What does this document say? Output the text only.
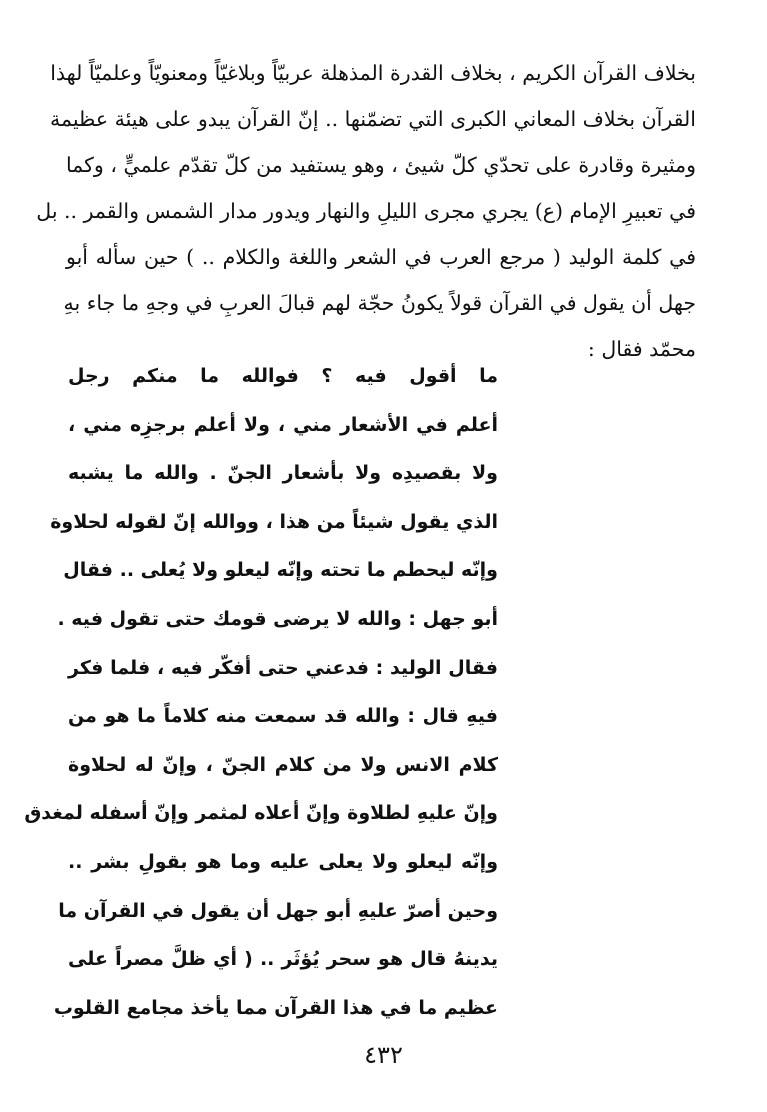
بخلاف القرآن الكريم ، بخلاف القدرة المذهلة عربيّاً وبلاغيّاً ومعنويّاً وعلميّاً لهذا
القرآن بخلاف المعاني الكبرى التي تضمّنها .. إنّ القرآن يبدو على هيئة عظيمة
ومثيرة وقادرة على تحدّي كلّ شيئ ، وهو يستفيد من كلّ تقدّم علميٍّ ، وكما
في تعبيرِ الإمام (ع) يجري مجرى الليلِ والنهار ويدور مدار الشمس والقمر .. بل
في كلمة الوليد ( مرجع العرب في الشعر واللغة والكلام .. ) حين سأله أبو
جهل أن يقول في القرآن قولاً يكونُ حجّة لهم قبالَ العربِ في وجهِ ما جاء بهِ
محمّد فقال :
ما أقول فيه ؟ فوالله ما منكم رجل
أعلم في الأشعار مني ، ولا أعلم برجزِه مني ،
ولا بقصيدِه ولا بأشعار الجنّ . والله ما يشبه
الذي يقول شيئاً من هذا ، ووالله إنّ لقوله لحلاوة
وإنّه ليحطم ما تحته وإنّه ليعلو ولا يُعلى .. فقال
أبو جهل : والله لا يرضى قومك حتى تقول فيه .
فقال الوليد : فدعني حتى أفكّر فيه ، فلما فكر
فيهِ قال : والله قد سمعت منه كلاماً ما هو من
كلام الانس ولا من كلام الجنّ ، وإنّ له لحلاوة
وإنّ عليهِ لطلاوة وإنّ أعلاه لمثمر وإنّ أسفله لمغدق
وإنّه ليعلو ولا يعلى عليه وما هو بقولِ بشر ..
وحين أصرّ عليهِ أبو جهل أن يقول في القرآن ما
يدينهُ قال هو سحر يُؤثَر .. ( أي ظلَّ مصراً على
عظيم ما في هذا القرآن مما يأخذ مجامع القلوب
٤٣٢
